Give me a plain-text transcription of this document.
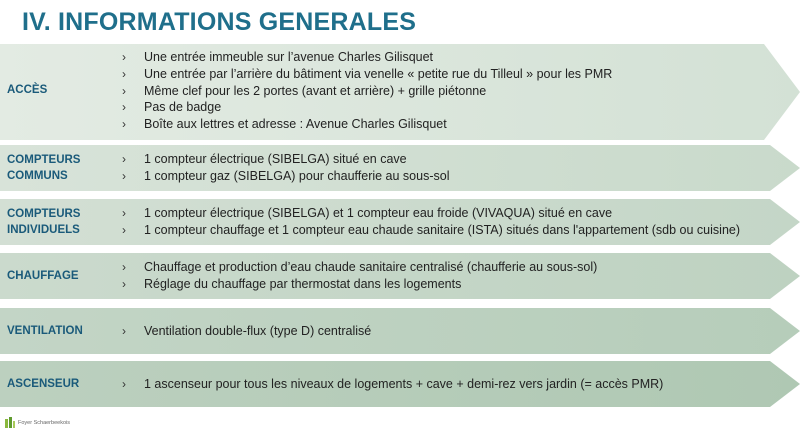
IV. INFORMATIONS GENERALES
ACCÈS
› Une entrée immeuble sur l’avenue Charles Gilisquet
› Une entrée par l’arrière du bâtiment via venelle « petite rue du Tilleul » pour les PMR
› Même clef pour les 2 portes (avant et arrière) + grille piétonne
› Pas de badge
› Boîte aux lettres et adresse : Avenue Charles Gilisquet
COMPTEURS
COMMUNS
› 1 compteur électrique (SIBELGA) situé en cave
› 1 compteur gaz (SIBELGA) pour chaufferie au sous-sol
COMPTEURS
INDIVIDUELS
› 1 compteur électrique (SIBELGA) et 1 compteur eau froide (VIVAQUA) situé en cave
› 1 compteur chauffage et 1 compteur eau chaude sanitaire (ISTA) situés dans l'appartement (sdb ou cuisine)
CHAUFFAGE
› Chauffage et production d’eau chaude sanitaire centralisé (chaufferie au sous-sol)
› Réglage du chauffage par thermostat dans les logements
VENTILATION	› Ventilation double-flux (type D) centralisé
ASCENSEUR	› 1 ascenseur pour tous les niveaux de logements + cave + demi-rez vers jardin (= accès PMR)
Foyer Schaerbeekois
